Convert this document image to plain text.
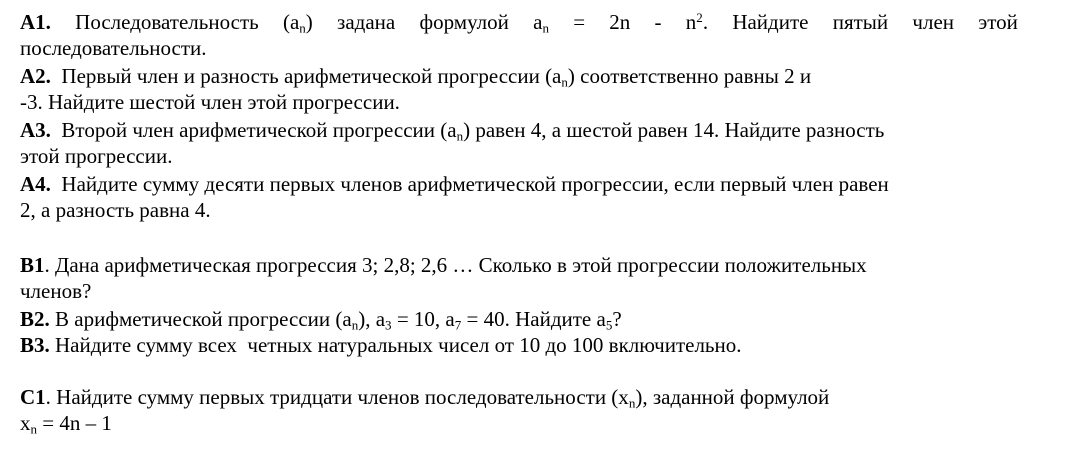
А1. Последовательность $(a_n)$ задана формулой $a_n = 2n - n^2$. Найдите пятый член этой
последовательности.
А2. Первый член и разность арифметической прогрессии $(a_n)$ соответственно равны 2 и
-3. Найдите шестой член этой прогрессии.
А3. Второй член арифметической прогрессии $(a_n)$ равен 4, а шестой равен 14. Найдите разность
этой прогрессии.
А4. Найдите сумму десяти первых членов арифметической прогрессии, если первый член равен
2, а разность равна 4.
В1. Дана арифметическая прогрессия 3; 2,8; 2,6 … Сколько в этой прогрессии положительных
членов?
В2. В арифметической прогрессии $(a_n)$, $a_3 = 10$, $a_7 = 40$. Найдите $a_5$?
В3. Найдите сумму всех  четных натуральных чисел от 10 до 100 включительно.
С1. Найдите сумму первых тридцати членов последовательности $(x_n)$, заданной формулой
$x_n = 4n - 1$
